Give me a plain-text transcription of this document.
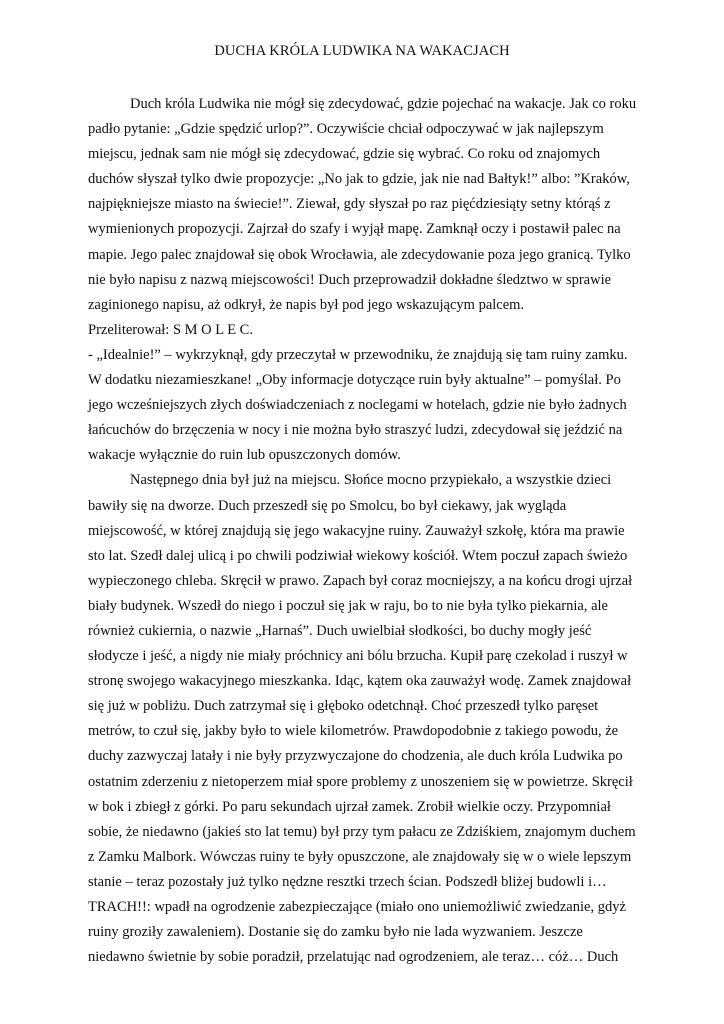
DUCHA KRÓLA LUDWIKA NA WAKACJACH
Duch króla Ludwika nie mógł się zdecydować, gdzie pojechać na wakacje. Jak co roku
padło pytanie: „Gdzie spędzić urlop?”. Oczywiście chciał odpoczywać w jak najlepszym
miejscu, jednak sam nie mógł się zdecydować, gdzie się wybrać. Co roku od znajomych
duchów słyszał tylko dwie propozycje: „No jak to gdzie, jak nie nad Bałtyk!” albo: ”Kraków,
najpiękniejsze miasto na świecie!”. Ziewał, gdy słyszał po raz pięćdziesiąty setny którąś z
wymienionych propozycji. Zajrzał do szafy i wyjął mapę. Zamknął oczy i postawił palec na
mapie. Jego palec znajdował się obok Wrocławia, ale zdecydowanie poza jego granicą. Tylko
nie było napisu z nazwą miejscowości! Duch przeprowadził dokładne śledztwo w sprawie
zaginionego napisu, aż odkrył, że napis był pod jego wskazującym palcem.
Przeliterował: S M O L E C.
- „Idealnie!” – wykrzyknął, gdy przeczytał w przewodniku, że znajdują się tam ruiny zamku.
W dodatku niezamieszkane! „Oby informacje dotyczące ruin były aktualne” – pomyślał. Po
jego wcześniejszych złych doświadczeniach z noclegami w hotelach, gdzie nie było żadnych
łańcuchów do brzęczenia w nocy i nie można było straszyć ludzi, zdecydował się jeździć na
wakacje wyłącznie do ruin lub opuszczonych domów.
Następnego dnia był już na miejscu. Słońce mocno przypiekało, a wszystkie dzieci
bawiły się na dworze. Duch przeszedł się po Smolcu, bo był ciekawy, jak wygląda
miejscowość, w której znajdują się jego wakacyjne ruiny. Zauważył szkołę, która ma prawie
sto lat. Szedł dalej ulicą i po chwili podziwiał wiekowy kościół. Wtem poczuł zapach świeżo
wypieczonego chleba. Skręcił w prawo. Zapach był coraz mocniejszy, a na końcu drogi ujrzał
biały budynek. Wszedł do niego i poczuł się jak w raju, bo to nie była tylko piekarnia, ale
również cukiernia, o nazwie „Harnaś”. Duch uwielbiał słodkości, bo duchy mogły jeść
słodycze i jeść, a nigdy nie miały próchnicy ani bólu brzucha. Kupił parę czekolad i ruszył w
stronę swojego wakacyjnego mieszkanka. Idąc, kątem oka zauważył wodę. Zamek znajdował
się już w pobliżu. Duch zatrzymał się i głęboko odetchnął. Choć przeszedł tylko paręset
metrów, to czuł się, jakby było to wiele kilometrów. Prawdopodobnie z takiego powodu, że
duchy zazwyczaj latały i nie były przyzwyczajone do chodzenia, ale duch króla Ludwika po
ostatnim zderzeniu z nietoperzem miał spore problemy z unoszeniem się w powietrze. Skręcił
w bok i zbiegł z górki. Po paru sekundach ujrzał zamek. Zrobił wielkie oczy. Przypomniał
sobie, że niedawno (jakieś sto lat temu) był przy tym pałacu ze Zdziśkiem, znajomym duchem
z Zamku Malbork. Wówczas ruiny te były opuszczone, ale znajdowały się w o wiele lepszym
stanie – teraz pozostały już tylko nędzne resztki trzech ścian. Podszedł bliżej budowli i…
TRACH!!: wpadł na ogrodzenie zabezpieczające (miało ono uniemożliwić zwiedzanie, gdyż
ruiny groziły zawaleniem). Dostanie się do zamku było nie lada wyzwaniem. Jeszcze
niedawno świetnie by sobie poradził, przelatując nad ogrodzeniem, ale teraz… cóż… Duch
